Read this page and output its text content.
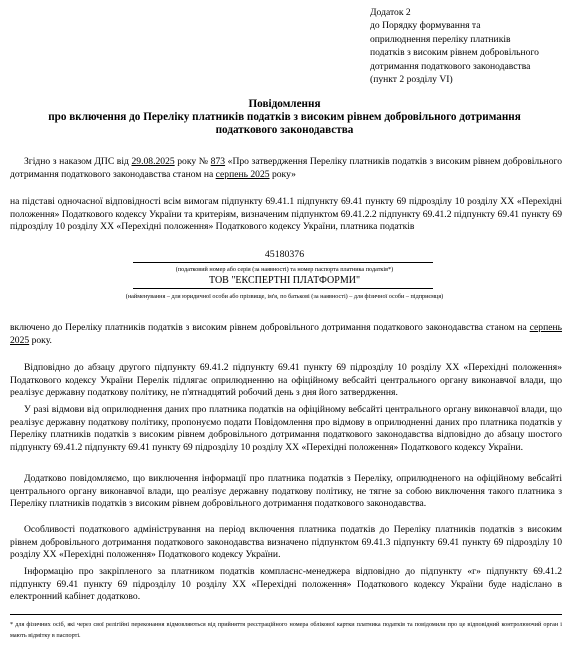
Додаток 2
до Порядку формування та
оприлюднення переліку платників
податків з високим рівнем добровільного
дотримання податкового законодавства
(пункт 2 розділу VI)
Повідомлення
про включення до Переліку платників податків з високим рівнем добровільного дотримання
податкового законодавства
Згідно з наказом ДПС від 29.08.2025 року № 873 «Про затвердження Переліку платників податків з високим рівнем добровільного дотримання податкового законодавства станом на серпень 2025 року»
на підставі одночасної відповідності всім вимогам підпункту 69.41.1 підпункту 69.41 пункту 69 підрозділу 10 розділу XX «Перехідні положення» Податкового кодексу України та критеріям, визначеним підпунктом 69.41.2.2 підпункту 69.41.2 підпункту 69.41 пункту 69 підрозділу 10 розділу XX «Перехідні положення» Податкового кодексу України, платника податків
45180376
(податковий номер або серія (за наявності) та номер паспорта платника податків*)
ТОВ "ЕКСПЕРТНІ ПЛАТФОРМИ"
(найменування – для юридичної особи або прізвище, ім'я, по батькові (за наявності) – для фізичної особи – підприємця)
включено до Переліку платників податків з високим рівнем добровільного дотримання податкового законодавства станом на серпень 2025 року.
Відповідно до абзацу другого підпункту 69.41.2 підпункту 69.41 пункту 69 підрозділу 10 розділу XX «Перехідні положення» Податкового кодексу України Перелік підлягає оприлюдненню на офіційному вебсайті центрального органу виконавчої влади, що реалізує державну податкову політику, не п'ятнадцятий робочий день з дня його затвердження.
У разі відмови від оприлюднення даних про платника податків на офіційному вебсайті центрального органу виконавчої влади, що реалізує державну податкову політику, пропонуємо подати Повідомлення про відмову в оприлюдненні даних про платника податків у Переліку платників податків з високим рівнем добровільного дотримання податкового законодавства відповідно до абзацу шостого підпункту 69.41.2 підпункту 69.41 пункту 69 підрозділу 10 розділу XX «Перехідні положення» Податкового кодексу України.
Додатково повідомляємо, що виключення інформації про платника податків з Переліку, оприлюдненого на офіційному вебсайті центрального органу виконавчої влади, що реалізує державну податкову політику, не тягне за собою виключення такого платника з Переліку платників податків з високим рівнем добровільного дотримання податкового законодавства.
Особливості податкового адміністрування на період включення платника податків до Переліку платників податків з високим рівнем добровільного дотримання податкового законодавства визначено підпунктом 69.41.3 підпункту 69.41 пункту 69 підрозділу 10 розділу XX «Перехідні положення» Податкового кодексу України.
Інформацію про закріпленого за платником податків комплаєнс-менеджера відповідно до підпункту «г» підпункту 69.41.2 підпункту 69.41 пункту 69 підрозділу 10 розділу XX «Перехідні положення» Податкового кодексу України буде надіслано в електронний кабінет додатково.
* для фізичних осіб, які через свої релігійні переконання відмовляються від прийняття реєстраційного номера облікової картки платника податків та повідомили про це відповідний контролюючий орган і мають відмітку в паспорті.
